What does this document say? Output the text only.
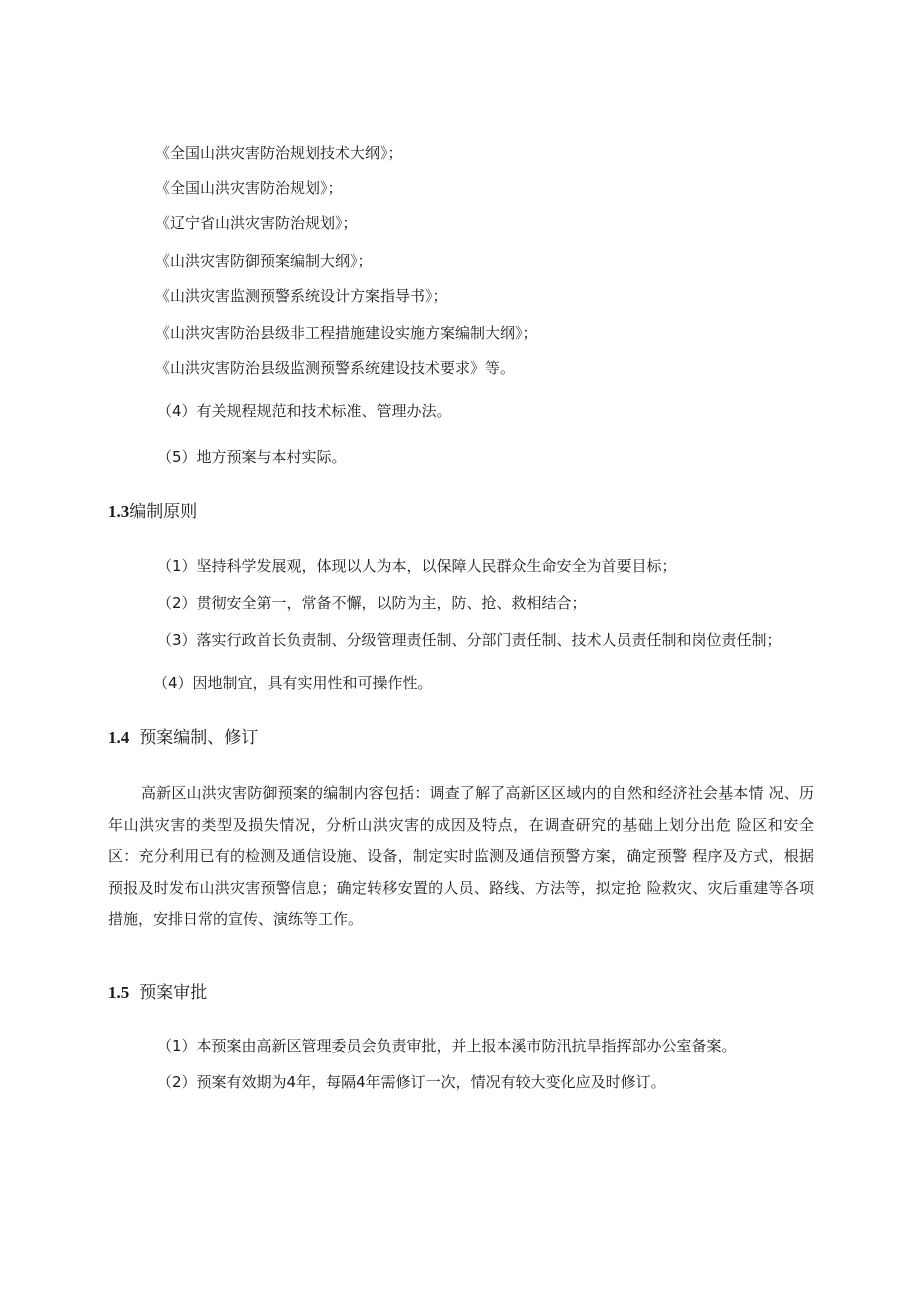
《全国山洪灾害防治规划技术大纲》；
《全国山洪灾害防治规划》；
《辽宁省山洪灾害防治规划》；
《山洪灾害防御预案编制大纲》；
《山洪灾害监测预警系统设计方案指导书》；
《山洪灾害防治县级非工程措施建设实施方案编制大纲》；
《山洪灾害防治县级监测预警系统建设技术要求》等。
（4）有关规程规范和技术标准、管理办法。
（5）地方预案与本村实际。
1.3编制原则
（1）坚持科学发展观，体现以人为本，以保障人民群众生命安全为首要目标；
（2）贯彻安全第一，常备不懈，以防为主，防、抢、救相结合；
（3）落实行政首长负责制、分级管理责任制、分部门责任制、技术人员责任制和岗位责任制；
（4）因地制宜，具有实用性和可操作性。
1.4 预案编制、修订
高新区山洪灾害防御预案的编制内容包括：调查了解了高新区区域内的自然和经济社会基本情 况、历年山洪灾害的类型及损失情况，分析山洪灾害的成因及特点，在调查研究的基础上划分出危 险区和安全区：充分利用已有的检测及通信设施、设备，制定实时监测及通信预警方案，确定预警 程序及方式，根据预报及时发布山洪灾害预警信息；确定转移安置的人员、路线、方法等，拟定抢 险救灾、灾后重建等各项措施，安排日常的宣传、演练等工作。
1.5 预案审批
（1）本预案由高新区管理委员会负责审批，并上报本溪市防汛抗旱指挥部办公室备案。
（2）预案有效期为4年，每隔4年需修订一次，情况有较大变化应及时修订。
